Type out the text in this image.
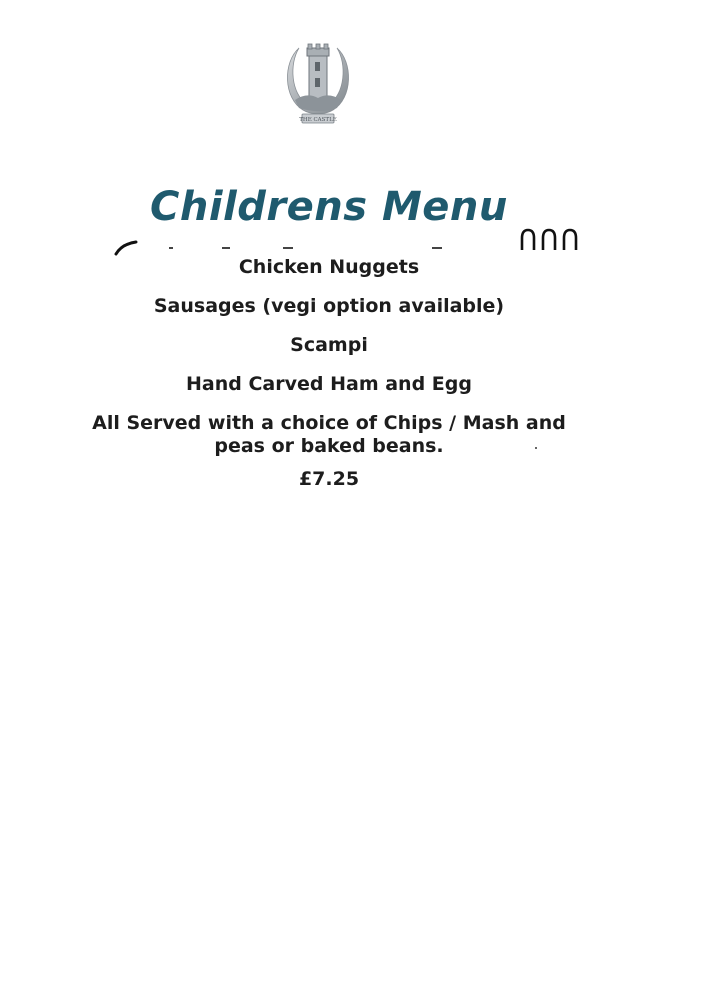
THE CASTLE
Childrens Menu

Chicken Nuggets

Sausages (vegi option available)

Scampi

Hand Carved Ham and Egg

All Served with a choice of Chips / Mash and
peas or baked beans.

£7.25
